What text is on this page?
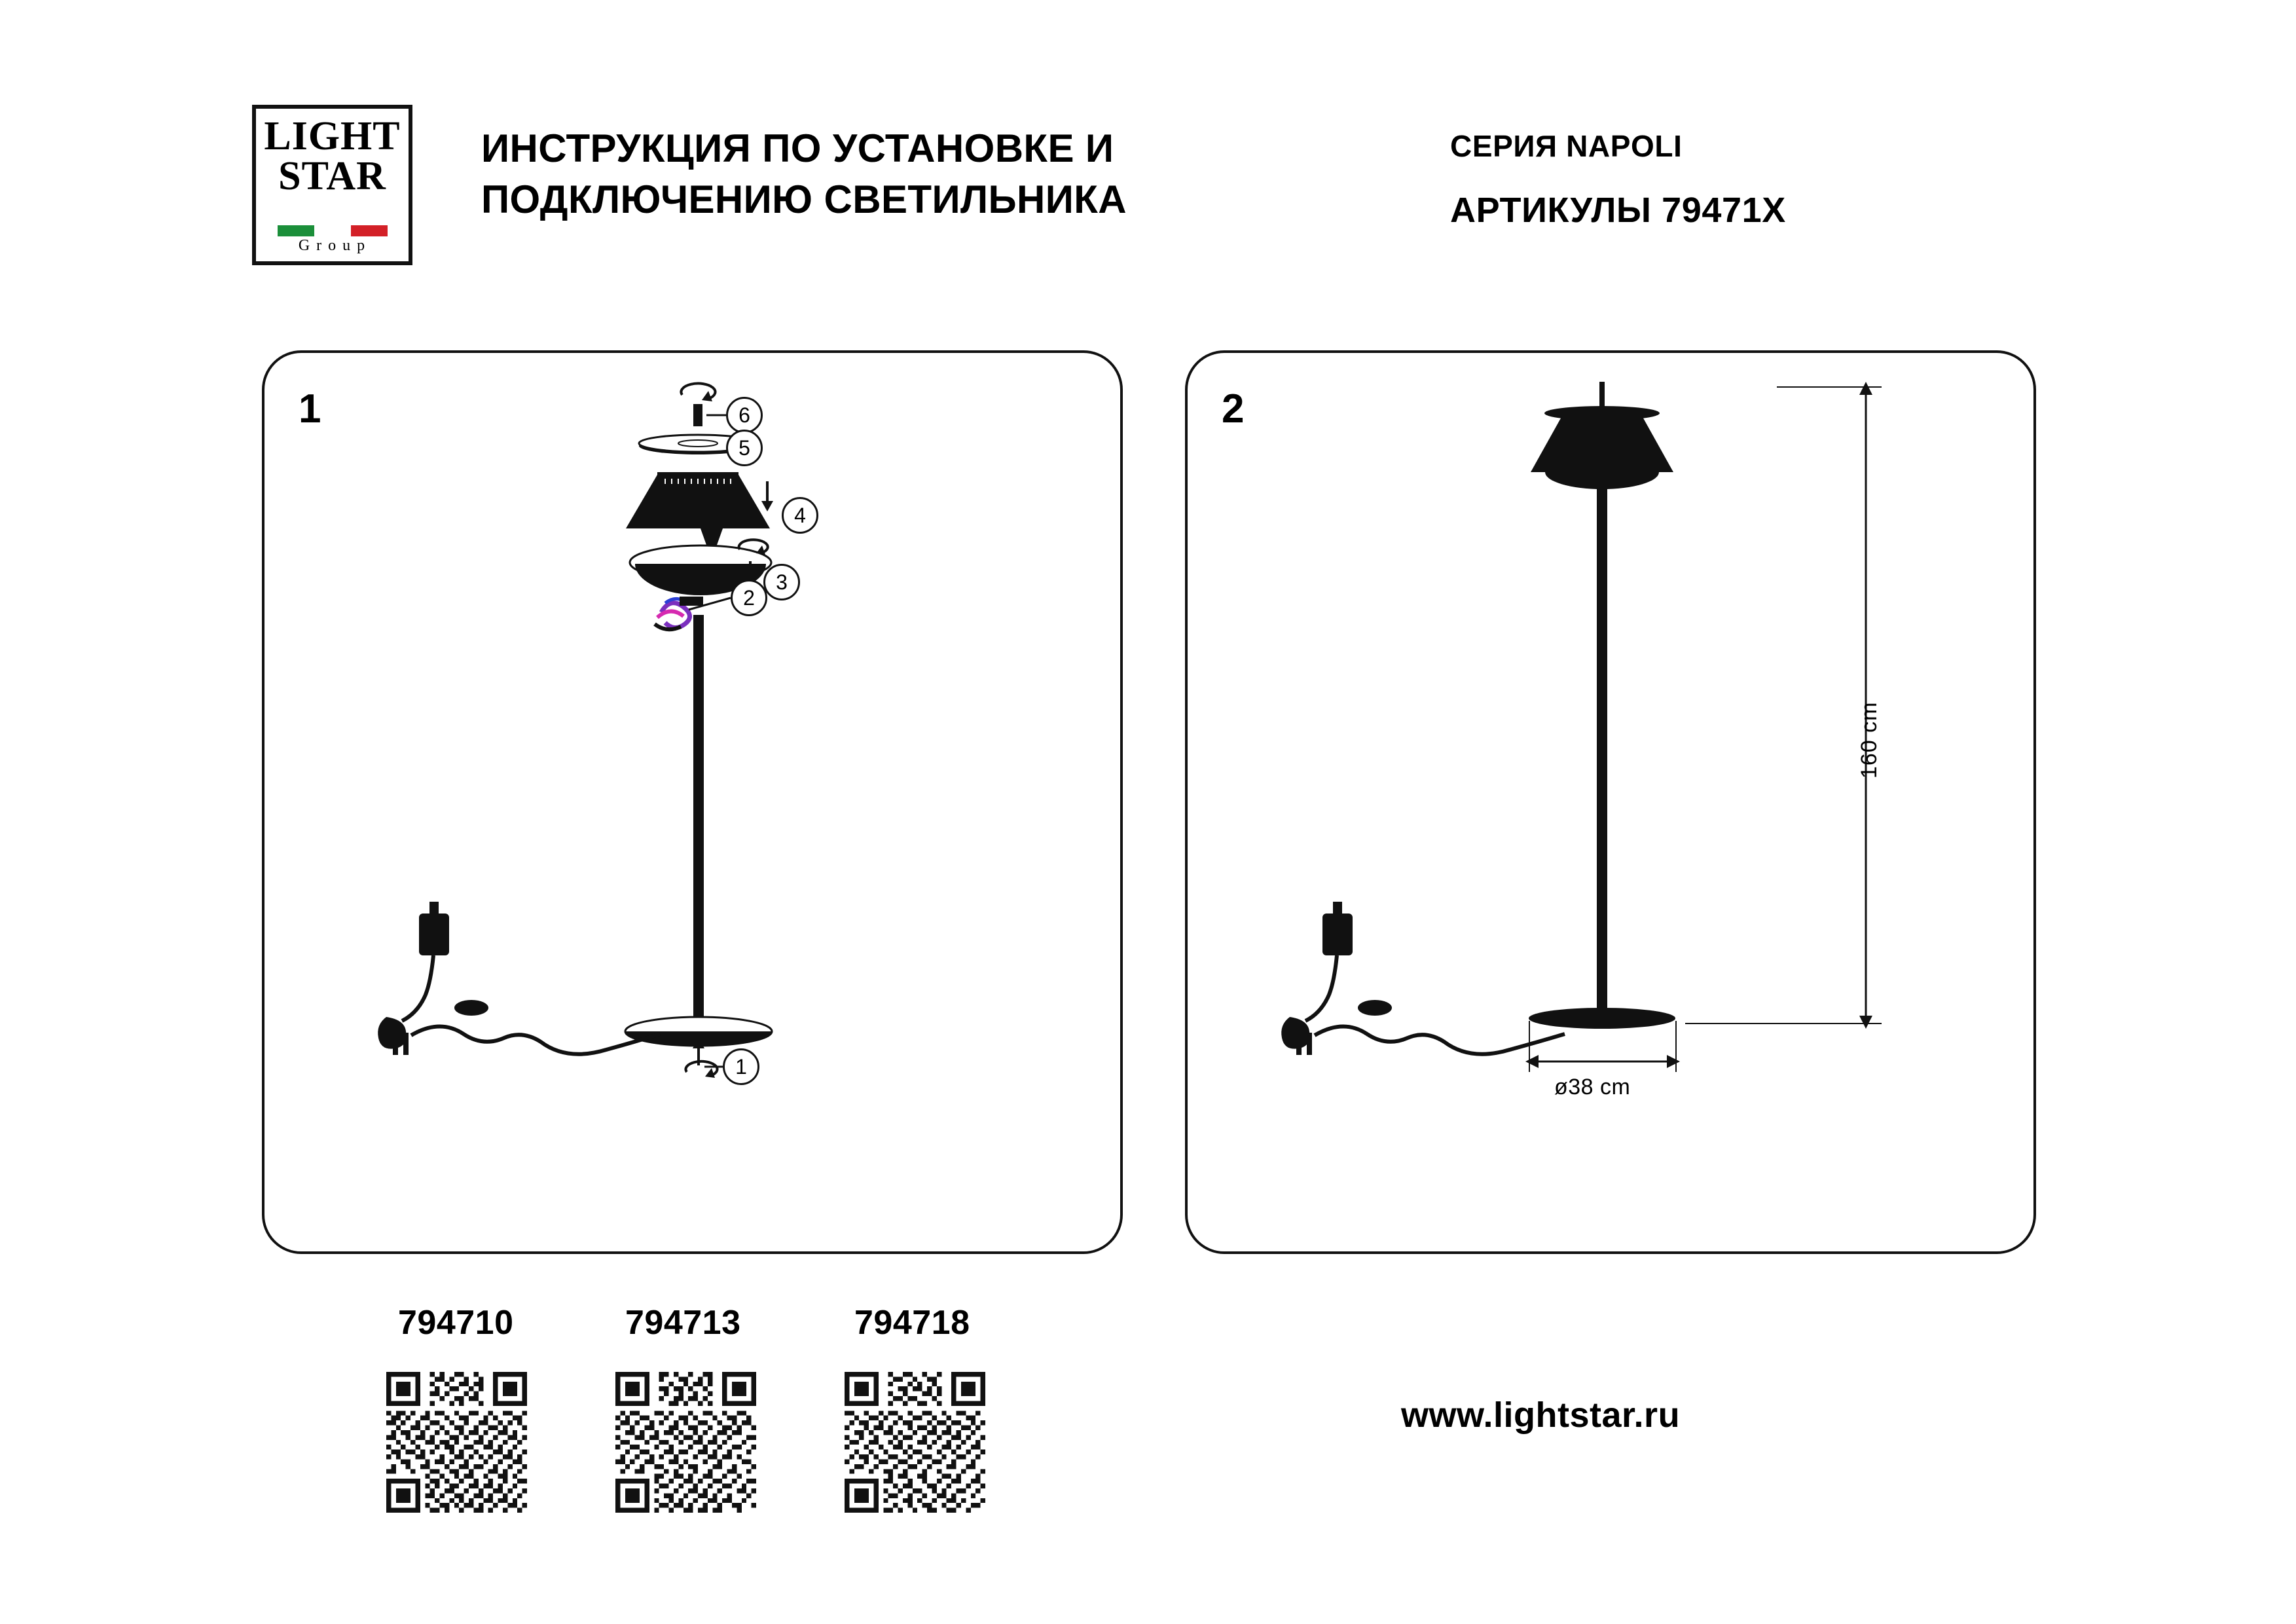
LIGHT
STAR
G r o u p
ИНСТРУКЦИЯ ПО УСТАНОВКЕ И
ПОДКЛЮЧЕНИЮ СВЕТИЛЬНИКА
СЕРИЯ NAPOLI
АРТИКУЛЫ 79471X
1	6
5
4
3
2
1
2
160 cm
ø38 cm
794710	794713	794718
www.lightstar.ru
